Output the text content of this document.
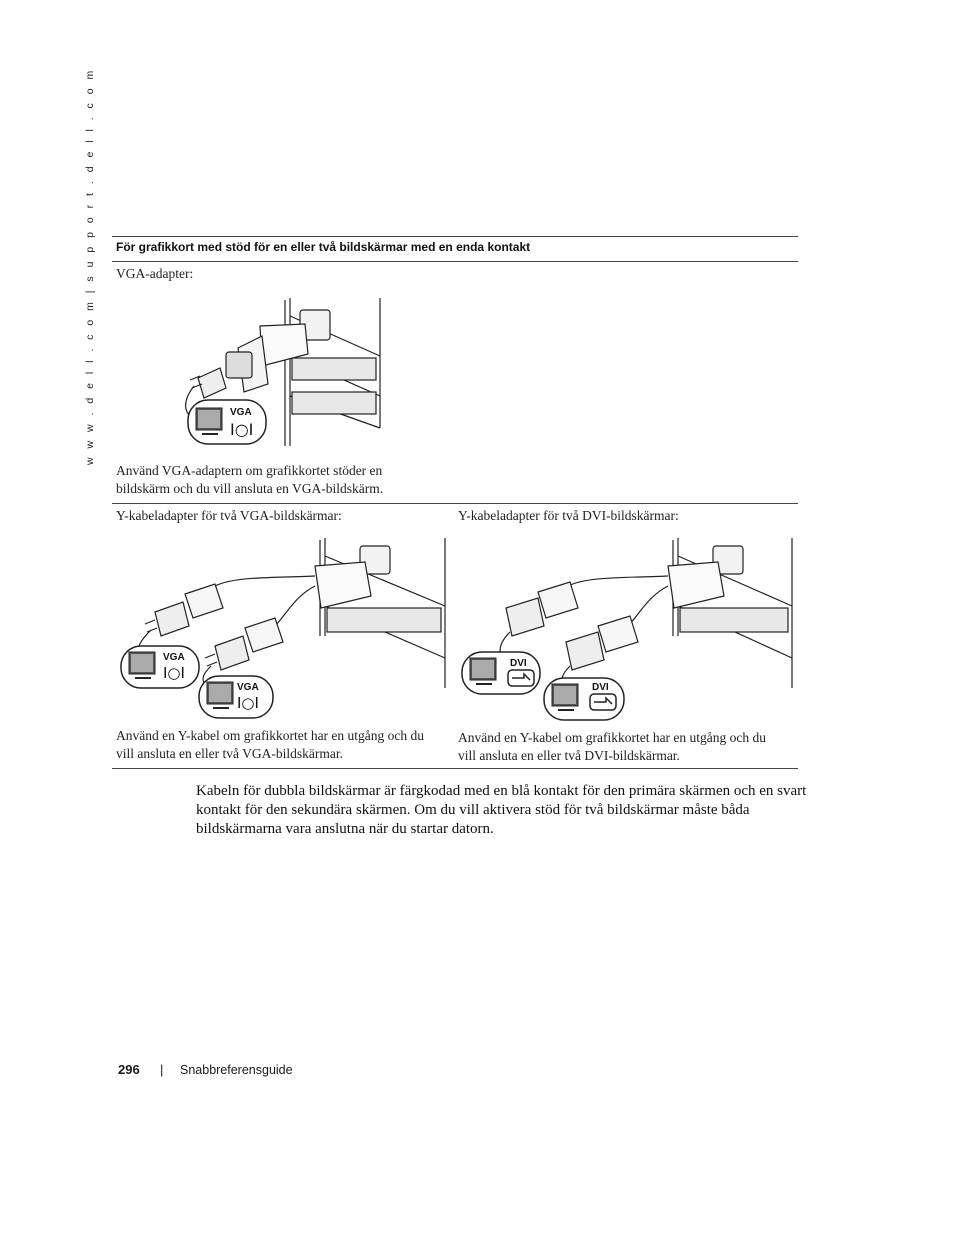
w w w . d e l l . c o m | s u p p o r t . d e l l . c o m För grafikkort med stöd för en eller två bildskärmar med en enda kontakt
VGA-adapter:
VGA
I○I
Använd VGA-adaptern om grafikkortet stöder en
bildskärm och du vill ansluta en VGA-bildskärm.
Y-kabeladapter för två VGA-bildskärmar:
VGA
I○I
VGA
I○I
Använd en Y-kabel om grafikkortet har en utgång och du
vill ansluta en eller två VGA-bildskärmar.
Y-kabeladapter för två DVI-bildskärmar:
DVI
DVI
Använd en Y-kabel om grafikkortet har en utgång och du
vill ansluta en eller två DVI-bildskärmar.
Kabeln för dubbla bildskärmar är färgkodad med en blå kontakt för den primära skärmen och en svart kontakt för den sekundära skärmen. Om du vill aktivera stöd för två bildskärmar måste båda bildskärmarna vara anslutna när du startar datorn.
296 | Snabbreferensguide
